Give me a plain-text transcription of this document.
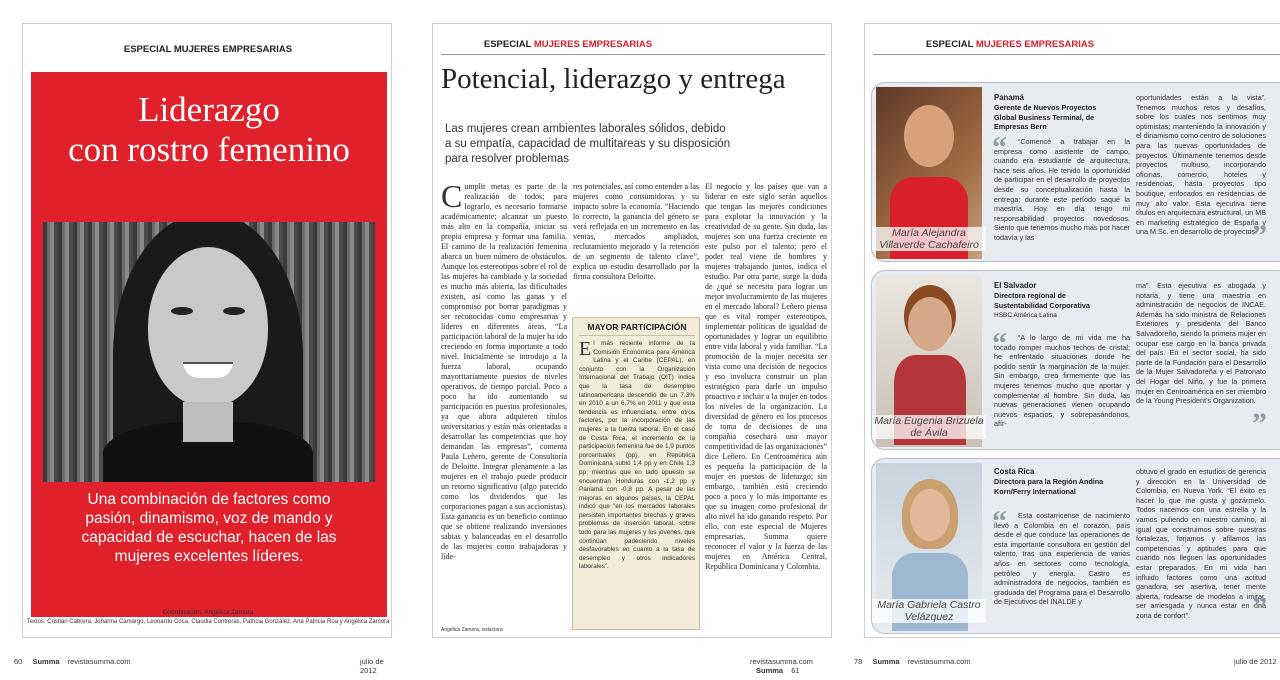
ESPECIAL MUJERES EMPRESARIAS
Liderazgo
con rostro femenino
Una combinación de factores como pasión, dinamismo, voz de mando y capacidad de escuchar, hacen de las mujeres excelentes líderes.
Coordinación: Angélica Zamora
Textos: Cristian Cabrera, Johanna Camargo, Leonardo Coca, Claudia Contreras, Patricia González, Ana Patricia Roa y Angélica Zamora
60 Summa revistasumma.com	julio de 2012
ESPECIAL MUJERES EMPRESARIAS
Potencial, liderazgo y entrega
Las mujeres crean ambientes laborales sólidos, debido a su empatía, capacidad de multitareas y su disposición para resolver problemas
C umplir metas es parte de la realización de todos; para lograrlo, es necesario formarse académicamente; alcanzar un puesto más alto en la compañía, iniciar su propia empresa y formar una familia. El camino de la realización femenina abarca un buen número de obstáculos. Aunque los estereotipos sobre el rol de las mujeres ha cambiado y la sociedad es mucho más abierta, las dificultades existen, así como las ganas y el compromiso por borrar paradigmas y ser reconocidas como empresarias y líderes en diferentes áreas. “La participación laboral de la mujer ha ido creciendo en forma importante a todo nivel. Inicialmente se introdujo a la fuerza laboral, ocupando mayoritariamente puestos de niveles operativos, de tiempo parcial. Poco a poco ha ido aumentando su participación en puestos profesionales, ya que ahora adquieren títulos universitarios y están más orientadas a desarrollar las competencias que hoy demandan las empresas”, comenta Paula Leñero, gerente de Consultoría de Deloitte. Integrar plenamente a las mujeres en el trabajo puede producir un retorno significativo (algo parecido como los dividendos que las corporaciones pagan a sus accionistas). Esta ganancia es un beneficio continuo que se obtiene realizando inversiones sabias y balanceadas en el desarrollo de las mujeres como trabajadoras y líde-
Angélica Zamora, redactora
res potenciales, así como entender a las mujeres como consumidoras y su impacto sobre la economía. “Haciendo lo correcto, la ganancia del género se verá reflejada en un incremento en las ventas, mercados ampliados, reclutamiento mejorado y la retención de un segmento de talento clave”, explica un estudio desarrollado por la firma consultora Deloitte.
MAYOR PARTICIPACIÓN
E l más reciente informe de la Comisión Económica para América Latina y el Caribe (CEPAL), en conjunto con la Organización Internacional del Trabajo (OIT) indica que la tasa de desempleo latinoamericana descendió de un 7,3% en 2010 a un 6,7% en 2011 y que esta tendencia es influenciada, entre otros factores, por la incorporación de las mujeres a la fuerza laboral. En el caso de Costa Rica, el incremento de la participación femenina fue de 1,9 puntos porcentuales (pp), en República Dominicana subió 1,4 pp y en Chile 1,3 pp; mientras que en lado opuesto se encuentran Honduras con -1,2 pp y Panamá con -0,8 pp. A pesar de las mejoras en algunos países, la CEPAL indicó que “en los mercados laborales persisten importantes brechas y graves problemas de inserción laboral, sobre todo para las mujeres y los jóvenes, que continúan padeciendo niveles desfavorables en cuanto a la tasa de desempleo y otros indicadores laborales”.
El negocio y los países que van a liderar en este siglo serán aquellos que tengan las mejores condiciones para explotar la innovación y la creatividad de su gente. Sin duda, las mujeres son una fuerza creciente en este pulso por el talento; pero el poder real viene de hombres y mujeres trabajando juntos, indica el estudio. Por otra parte, surge la duda de ¿qué se necesita para lograr un mejor involucramiento de las mujeres en el mercado laboral? Leñero piensa que es vital romper estereotipos, implementar políticas de igualdad de oportunidades y lograr un equilibrio entre vida laboral y vida familiar. “La promoción de la mujer necesita ser vista como una decisión de negocios y eso involucra construir un plan estratégico para darle un impulso proactivo e incluir a la mujer en todos los niveles de la organización. La diversidad de género en los procesos de toma de decisiones de una compañía cosechará una mayor competitividad de las organizaciones” dice Leñero. En Centroamérica aún es pequeña la participación de la mujer en puestos de liderazgo; sin embargo, también está creciendo poco a poco y lo más importante es que su imagen como profesional de alto nivel ha ido ganando respeto. Por ello, con este especial de Mujeres empresarias, Summa quiere reconocer el valor y la fuerza de las mujeres en América Central, República Dominicana y Colombia.
revistasumma.com Summa 61
ESPECIAL MUJERES EMPRESARIAS
María Alejandra Villaverde Cachafeiro
Panamá
Gerente de Nuevos Proyectos Global Business Terminal, de Empresas Bern
“	“Comencé a trabajar en la empresa como asistente de campo, cuando era estudiante de arquitectura, hace seis años. He tenido la oportunidad de participar en el desarrollo de proyectos desde su conceptualización hasta la entrega; durante este período saqué la maestría. Hoy en día tengo mi responsabilidad proyectos novedosos. Siento que tenemos mucho más por hacer todavía y las
oportunidades están a la vista”. Tenemos muchos retos y desafíos, sobre los cuales nos sentimos muy optimistas; manteniendo la innovación y el dinamismo como centro de soluciones para las nuevas oportunidades de proyectos. Últimamente tenemos desde proyectos multiuso, incorporando oficinas, comercio, hoteles y residencias, hasta proyectos tipo boutique, enfocados en residencias de muy alto valor. Esta ejecutiva tiene títulos en arquitectura estructural, un MB en marketing estratégico de España y una M.Sc. en desarrollo de proyectos.
”
María Eugenia Brizuela de Ávila
El Salvador
Directora regional de Sustentabilidad Corporativa
HSBC América Latina
“	“A lo largo de mi vida me ha tocado romper muchos techos de cristal; he enfrentado situaciones donde he podido sentir la marginación de la mujer. Sin embargo, creo firmemente que las mujeres tenemos mucho que aportar y complementar al hombre. Sin duda, las nuevas generaciones vienen ocupando nuevos espacios, y sobrepasándonos, afír-
ma”. Esta ejecutiva es abogada y notaria, y tiene una maestría en administración de negocios de INCAE. Además ha sido ministra de Relaciones Exteriores y presidenta del Banco Salvadoreño, siendo la primera mujer en ocupar ese cargo en la banca privada del país. En el sector social, ha sido parte de la Fundación para el Desarrollo de la Mujer Salvadoreña y el Patronato del Hogar del Niño, y fue la primera mujer en Centroamérica en ser miembro de la Young President’s Organization.
”
María Gabriela Castro Velázquez
Costa Rica
Directora para la Región Andina Korn/Ferry International
“	Esta costarricense de nacimiento llevó a Colombia en el corazón, país desde el que conduce las operaciones de esta importante consultora en gestión del talento, tras una experiencia de varios años en sectores como tecnología, petróleo y energía. Castro es administradora de negocios, también es graduada del Programa para el Desarrollo de Ejecutivos del INALDE y
obtuvo el grado en estudios de gerencia y dirección en la Universidad de Colombia, en Nueva York. “El éxito es hacer lo que me gusta y gozármelo. Todos nacemos con una estrella y la vamos puliendo en nuestro camino, al igual que construimos sobre nuestras fortalezas, forjamos y afilamos las competencias y aptitudes para que cuando nos lleguen las oportunidades estar preparados. En mi vida han influido factores como una actitud ganadora, ser asertiva, tener mente abierta, rodearse de modelos a imitar, ser arriesgada y nunca estar en una zona de confort”.	”
78 Summa revistasumma.com	julio de 2012
